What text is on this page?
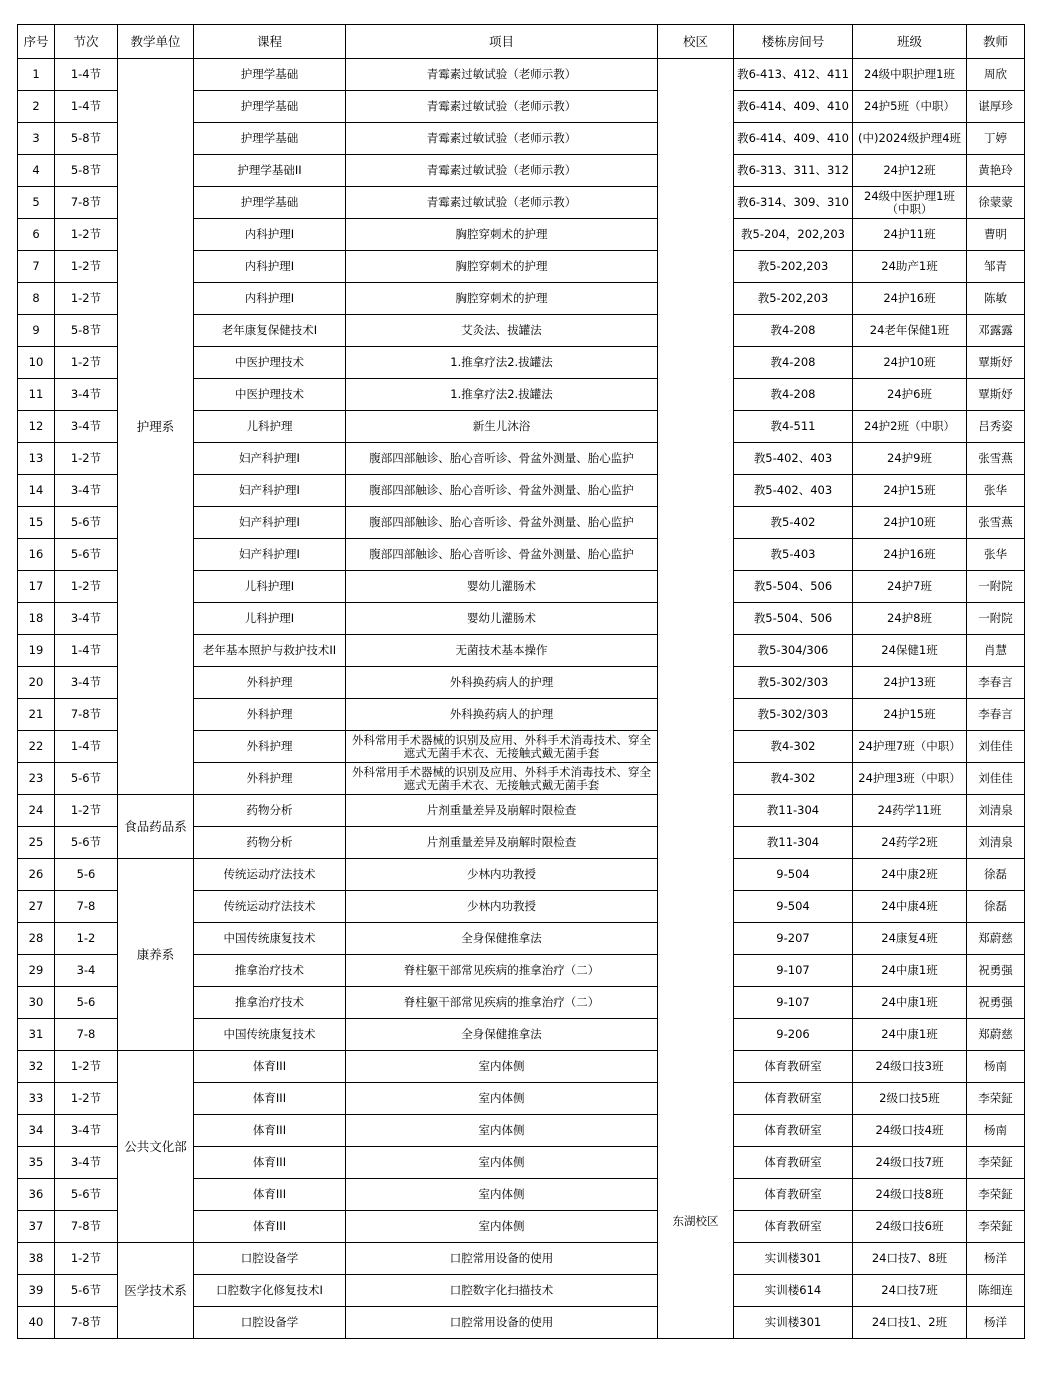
序号	节次	教学单位	课程	项目	校区	楼栋房间号	班级	教师
1	1-4节	护理系	护理学基础	青霉素过敏试验（老师示教）	东湖校区	教6-413、412、411	24级中职护理1班	周欣
2	1-4节		护理学基础	青霉素过敏试验（老师示教）		教6-414、409、410	24护5班（中职）	谌厚珍
3	5-8节		护理学基础	青霉素过敏试验（老师示教）		教6-414、409、410	(中)2024级护理4班	丁婷
4	5-8节		护理学基础II	青霉素过敏试验（老师示教）		教6-313、311、312	24护12班	黄艳玲
5	7-8节		护理学基础	青霉素过敏试验（老师示教）		教6-314、309、310	24级中医护理1班（中职）	徐蒙蒙
6	1-2节		内科护理I	胸腔穿刺术的护理		教5-204，202,203	24护11班	曹明
7	1-2节		内科护理I	胸腔穿刺术的护理		教5-202,203	24助产1班	邹青
8	1-2节		内科护理I	胸腔穿刺术的护理		教5-202,203	24护16班	陈敏
9	5-8节		老年康复保健技术I	艾灸法、拔罐法		教4-208	24老年保健1班	邓露露
10	1-2节		中医护理技术	1.推拿疗法2.拔罐法		教4-208	24护10班	覃斯妤
11	3-4节		中医护理技术	1.推拿疗法2.拔罐法		教4-208	24护6班	覃斯妤
12	3-4节		儿科护理	新生儿沐浴		教4-511	24护2班（中职）	吕秀姿
13	1-2节		妇产科护理I	腹部四部触诊、胎心音听诊、骨盆外测量、胎心监护		教5-402、403	24护9班	张雪燕
14	3-4节		妇产科护理I	腹部四部触诊、胎心音听诊、骨盆外测量、胎心监护		教5-402、403	24护15班	张华
15	5-6节		妇产科护理I	腹部四部触诊、胎心音听诊、骨盆外测量、胎心监护		教5-402	24护10班	张雪燕
16	5-6节		妇产科护理I	腹部四部触诊、胎心音听诊、骨盆外测量、胎心监护		教5-403	24护16班	张华
17	1-2节		儿科护理I	婴幼儿灌肠术		教5-504、506	24护7班	一附院
18	3-4节		儿科护理I	婴幼儿灌肠术		教5-504、506	24护8班	一附院
19	1-4节		老年基本照护与救护技术II	无菌技术基本操作		教5-304/306	24保健1班	肖慧
20	3-4节		外科护理	外科换药病人的护理		教5-302/303	24护13班	李春言
21	7-8节		外科护理	外科换药病人的护理		教5-302/303	24护15班	李春言
22	1-4节		外科护理	外科常用手术器械的识别及应用、外科手术消毒技术、穿全遮式无菌手术衣、无接触式戴无菌手套		教4-302	24护理7班（中职）	刘佳佳
23	5-6节		外科护理	外科常用手术器械的识别及应用、外科手术消毒技术、穿全遮式无菌手术衣、无接触式戴无菌手套		教4-302	24护理3班（中职）	刘佳佳
24	1-2节	食品药品系	药物分析	片剂重量差异及崩解时限检查		教11-304	24药学11班	刘清泉
25	5-6节		药物分析	片剂重量差异及崩解时限检查		教11-304	24药学2班	刘清泉
26	5-6	康养系	传统运动疗法技术	少林内功教授		9-504	24中康2班	徐磊
27	7-8		传统运动疗法技术	少林内功教授		9-504	24中康4班	徐磊
28	1-2		中国传统康复技术	全身保健推拿法		9-207	24康复4班	郑蔚慈
29	3-4		推拿治疗技术	脊柱躯干部常见疾病的推拿治疗（二）		9-107	24中康1班	祝勇强
30	5-6		推拿治疗技术	脊柱躯干部常见疾病的推拿治疗（二）		9-107	24中康1班	祝勇强
31	7-8		中国传统康复技术	全身保健推拿法		9-206	24中康1班	郑蔚慈
32	1-2节	公共文化部	体育III	室内体侧		体育教研室	24级口技3班	杨南
33	1-2节		体育III	室内体侧		体育教研室	2级口技5班	李荣鉦
34	3-4节		体育III	室内体侧		体育教研室	24级口技4班	杨南
35	3-4节		体育III	室内体侧		体育教研室	24级口技7班	李荣鉦
36	5-6节		体育III	室内体侧		体育教研室	24级口技8班	李荣鉦
37	7-8节		体育III	室内体侧		体育教研室	24级口技6班	李荣鉦
38	1-2节	医学技术系	口腔设备学	口腔常用设备的使用		实训楼301	24口技7、8班	杨洋
39	5-6节		口腔数字化修复技术I	口腔数字化扫描技术		实训楼614	24口技7班	陈细连
40	7-8节		口腔设备学	口腔常用设备的使用		实训楼301	24口技1、2班	杨洋
